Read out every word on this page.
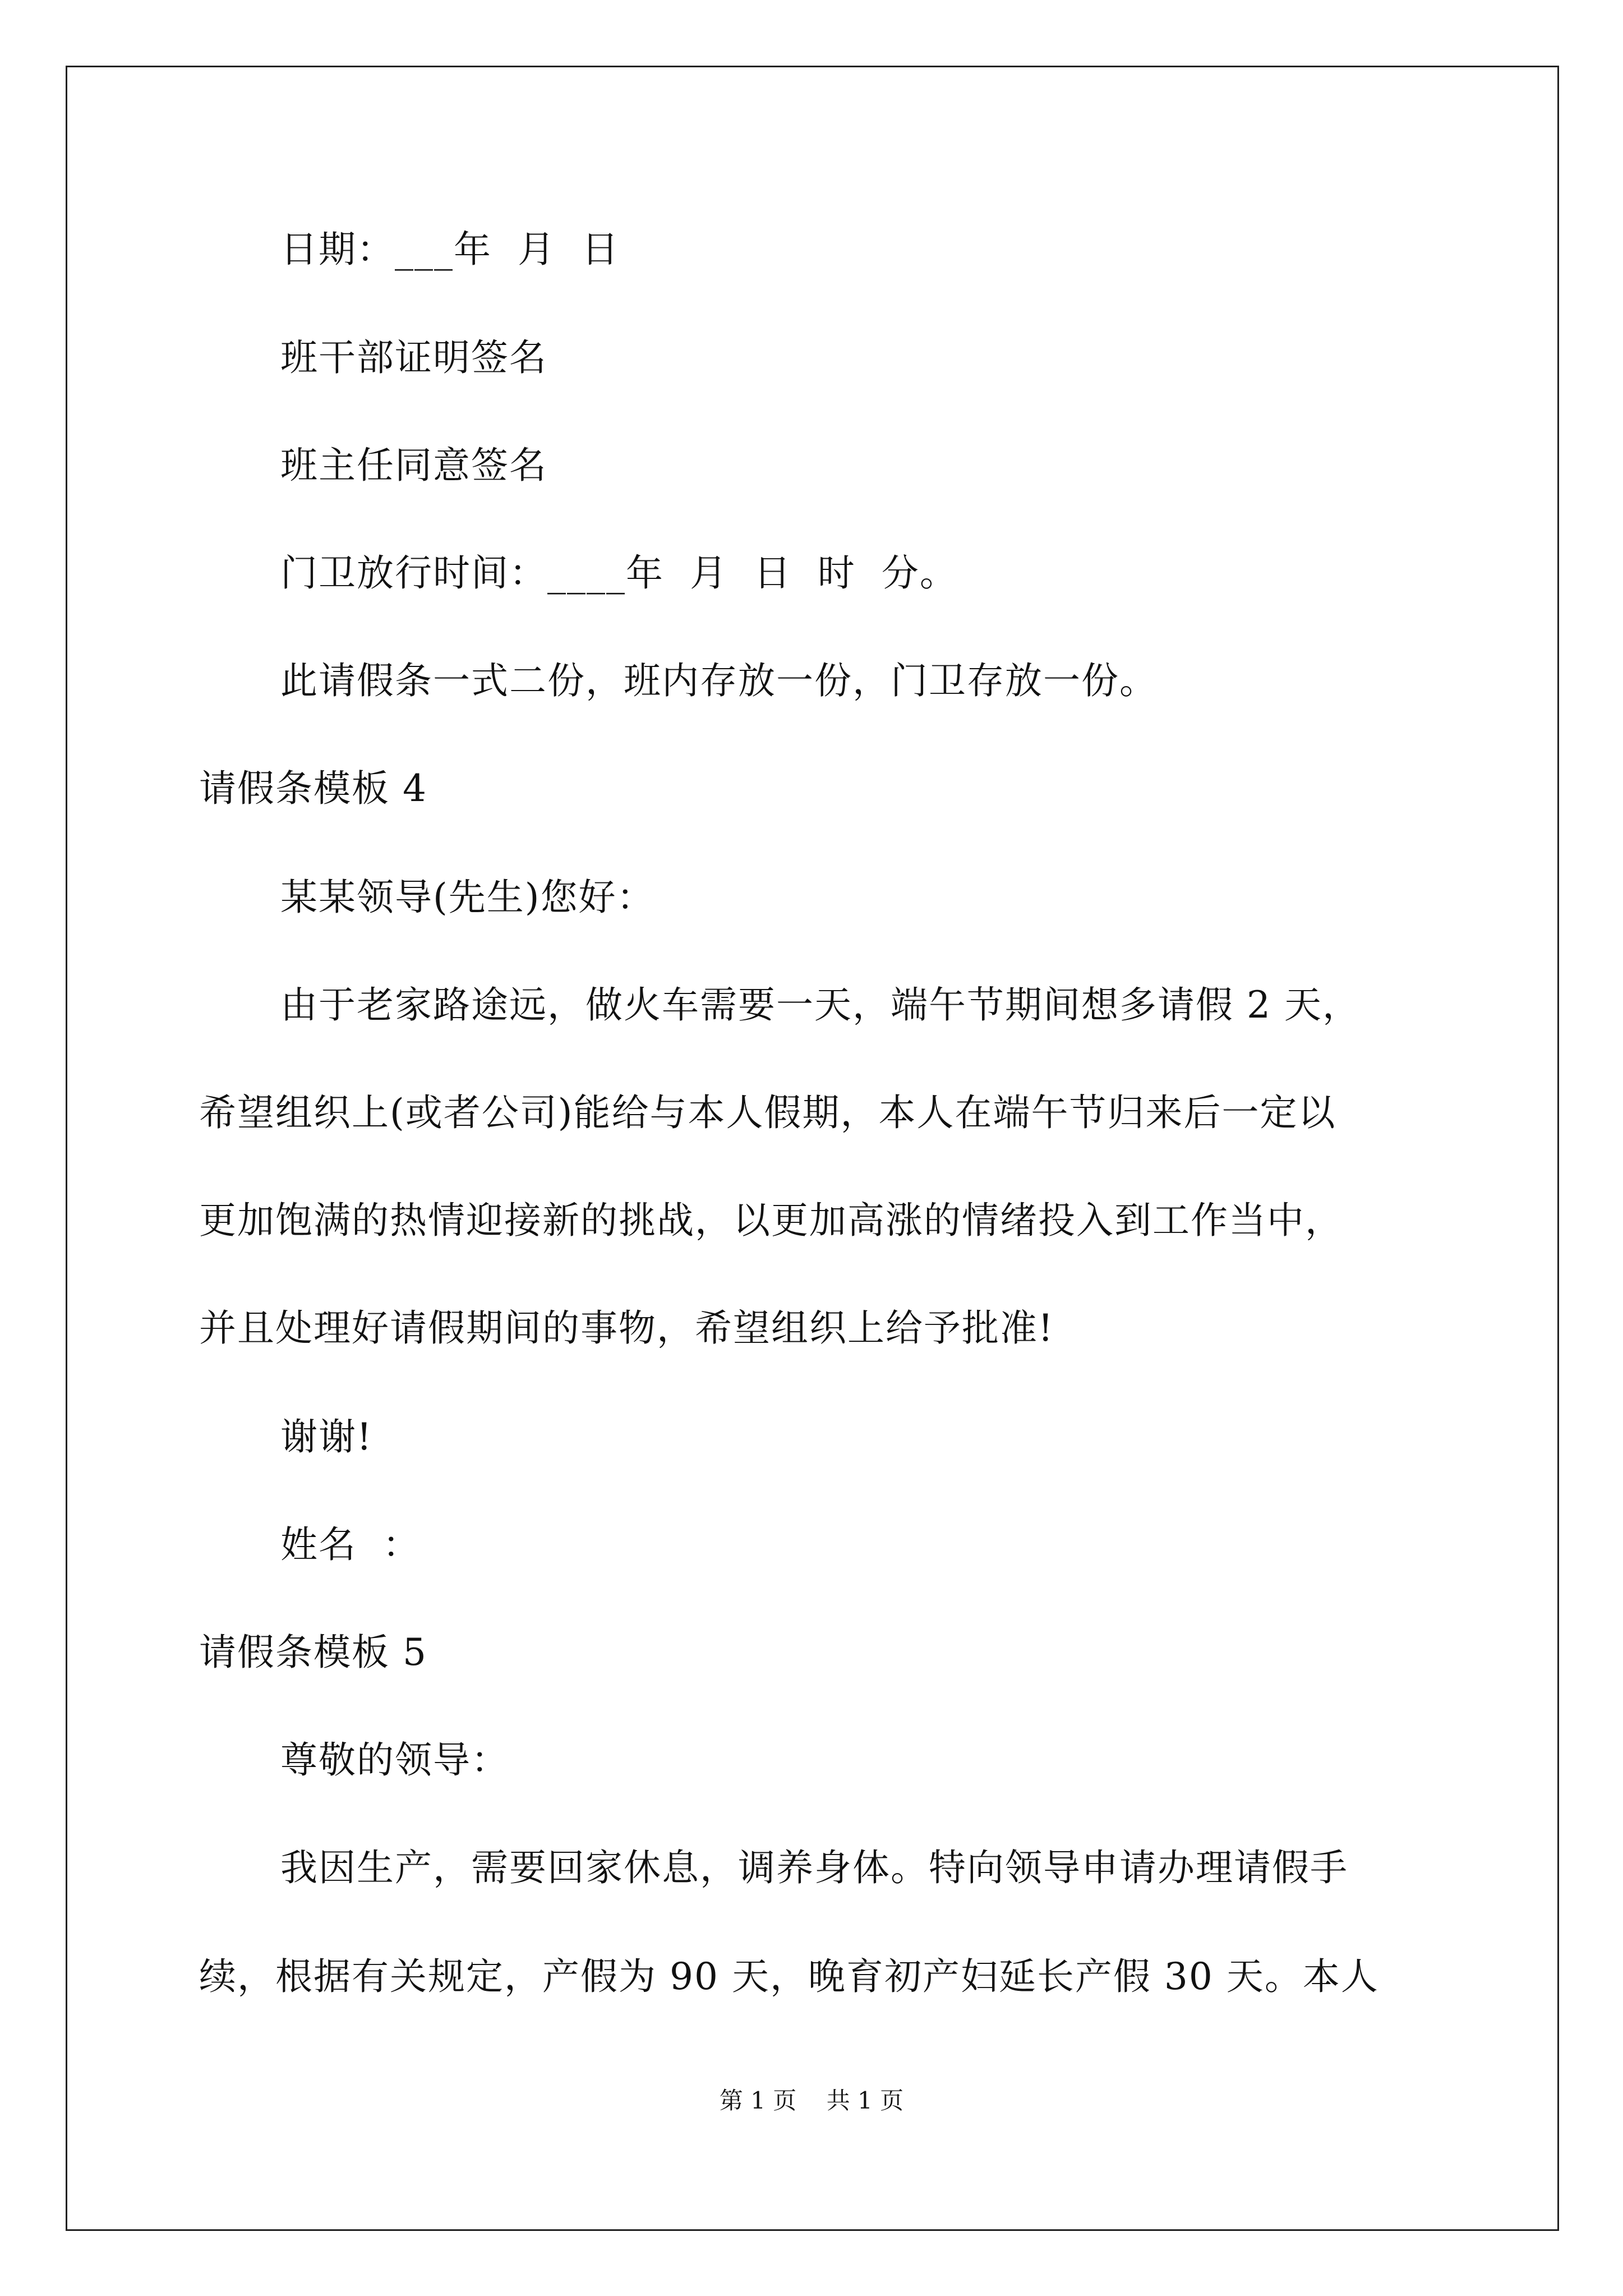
日期：___年  月  日
班干部证明签名
班主任同意签名
门卫放行时间：____年  月  日  时  分。
此请假条一式二份，班内存放一份，门卫存放一份。
请假条模板 4
某某领导(先生)您好：
由于老家路途远，做火车需要一天，端午节期间想多请假 2 天，
希望组织上(或者公司)能给与本人假期，本人在端午节归来后一定以
更加饱满的热情迎接新的挑战，以更加高涨的情绪投入到工作当中，
并且处理好请假期间的事物，希望组织上给予批准!
谢谢!
姓名  ：
请假条模板 5
尊敬的领导：
我因生产，需要回家休息，调养身体。特向领导申请办理请假手
续，根据有关规定，产假为 90 天，晚育初产妇延长产假 30 天。本人
第 1 页    共 1 页
